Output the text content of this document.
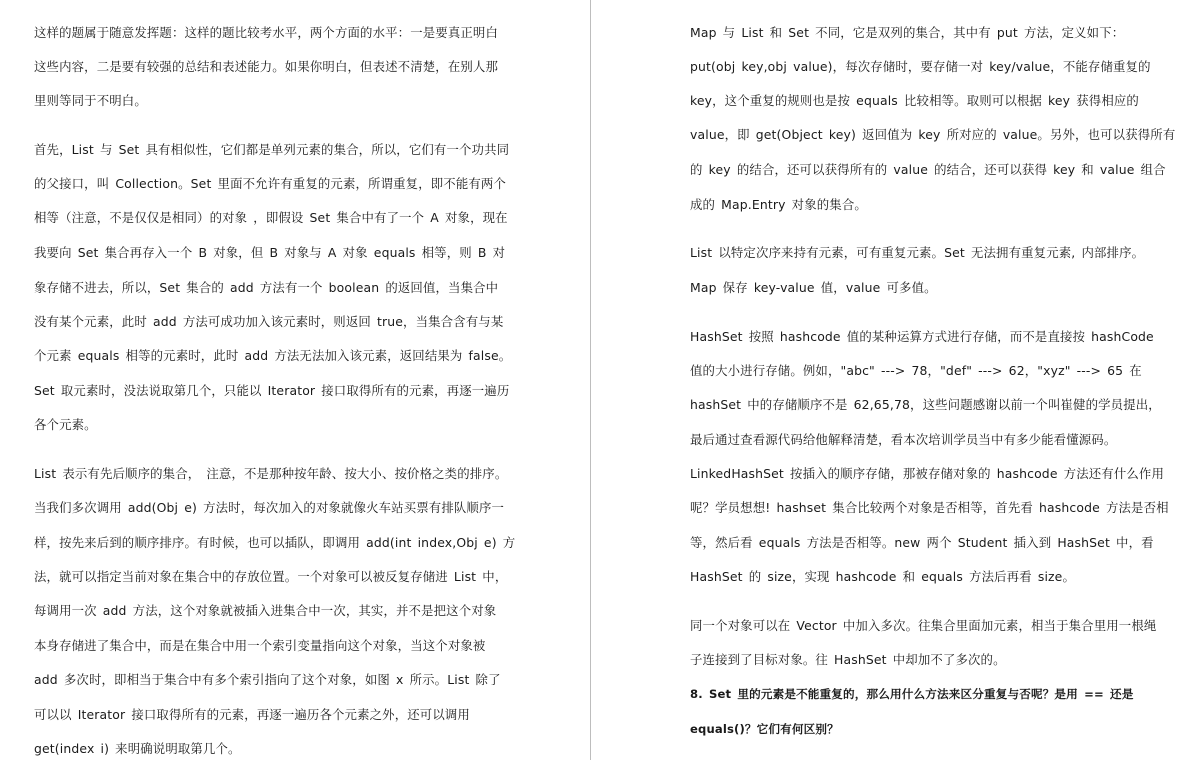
这样的题属于随意发挥题：这样的题比较考水平，两个方面的水平：一是要真正明白
这些内容，二是要有较强的总结和表述能力。如果你明白，但表述不清楚，在别人那
里则等同于不明白。
首先，List 与 Set 具有相似性，它们都是单列元素的集合，所以，它们有一个功共同
的父接口，叫 Collection。Set 里面不允许有重复的元素，所谓重复，即不能有两个
相等（注意，不是仅仅是相同）的对象 ，即假设 Set 集合中有了一个 A 对象，现在
我要向 Set 集合再存入一个 B 对象，但 B 对象与 A 对象 equals 相等，则 B 对
象存储不进去，所以，Set 集合的 add 方法有一个 boolean 的返回值，当集合中
没有某个元素，此时 add 方法可成功加入该元素时，则返回 true，当集合含有与某
个元素 equals 相等的元素时，此时 add 方法无法加入该元素，返回结果为 false。
Set 取元素时，没法说取第几个，只能以 Iterator 接口取得所有的元素，再逐一遍历
各个元素。
List 表示有先后顺序的集合， 注意，不是那种按年龄、按大小、按价格之类的排序。
当我们多次调用 add(Obj e) 方法时，每次加入的对象就像火车站买票有排队顺序一
样，按先来后到的顺序排序。有时候，也可以插队，即调用 add(int index,Obj e) 方
法，就可以指定当前对象在集合中的存放位置。一个对象可以被反复存储进 List 中，
每调用一次 add 方法，这个对象就被插入进集合中一次，其实，并不是把这个对象
本身存储进了集合中，而是在集合中用一个索引变量指向这个对象，当这个对象被
add 多次时，即相当于集合中有多个索引指向了这个对象，如图 x 所示。List 除了
可以以 Iterator 接口取得所有的元素，再逐一遍历各个元素之外，还可以调用
get(index i) 来明确说明取第几个。
Map 与 List 和 Set 不同，它是双列的集合，其中有 put 方法，定义如下：
put(obj key,obj value)，每次存储时，要存储一对 key/value，不能存储重复的
key，这个重复的规则也是按 equals 比较相等。取则可以根据 key 获得相应的
value，即 get(Object key) 返回值为 key 所对应的 value。另外，也可以获得所有
的 key 的结合，还可以获得所有的 value 的结合，还可以获得 key 和 value 组合
成的 Map.Entry 对象的集合。
List 以特定次序来持有元素，可有重复元素。Set 无法拥有重复元素, 内部排序。
Map 保存 key-value 值，value 可多值。
HashSet 按照 hashcode 值的某种运算方式进行存储，而不是直接按 hashCode
值的大小进行存储。例如，"abc" ---> 78，"def" ---> 62，"xyz" ---> 65 在
hashSet 中的存储顺序不是 62,65,78，这些问题感谢以前一个叫崔健的学员提出，
最后通过查看源代码给他解释清楚，看本次培训学员当中有多少能看懂源码。
LinkedHashSet 按插入的顺序存储，那被存储对象的 hashcode 方法还有什么作用
呢？学员想想! hashset 集合比较两个对象是否相等，首先看 hashcode 方法是否相
等，然后看 equals 方法是否相等。new 两个 Student 插入到 HashSet 中，看
HashSet 的 size，实现 hashcode 和 equals 方法后再看 size。
同一个对象可以在 Vector 中加入多次。往集合里面加元素，相当于集合里用一根绳
子连接到了目标对象。往 HashSet 中却加不了多次的。
8. Set 里的元素是不能重复的，那么用什么方法来区分重复与否呢？是用 == 还是
equals()？它们有何区别？
